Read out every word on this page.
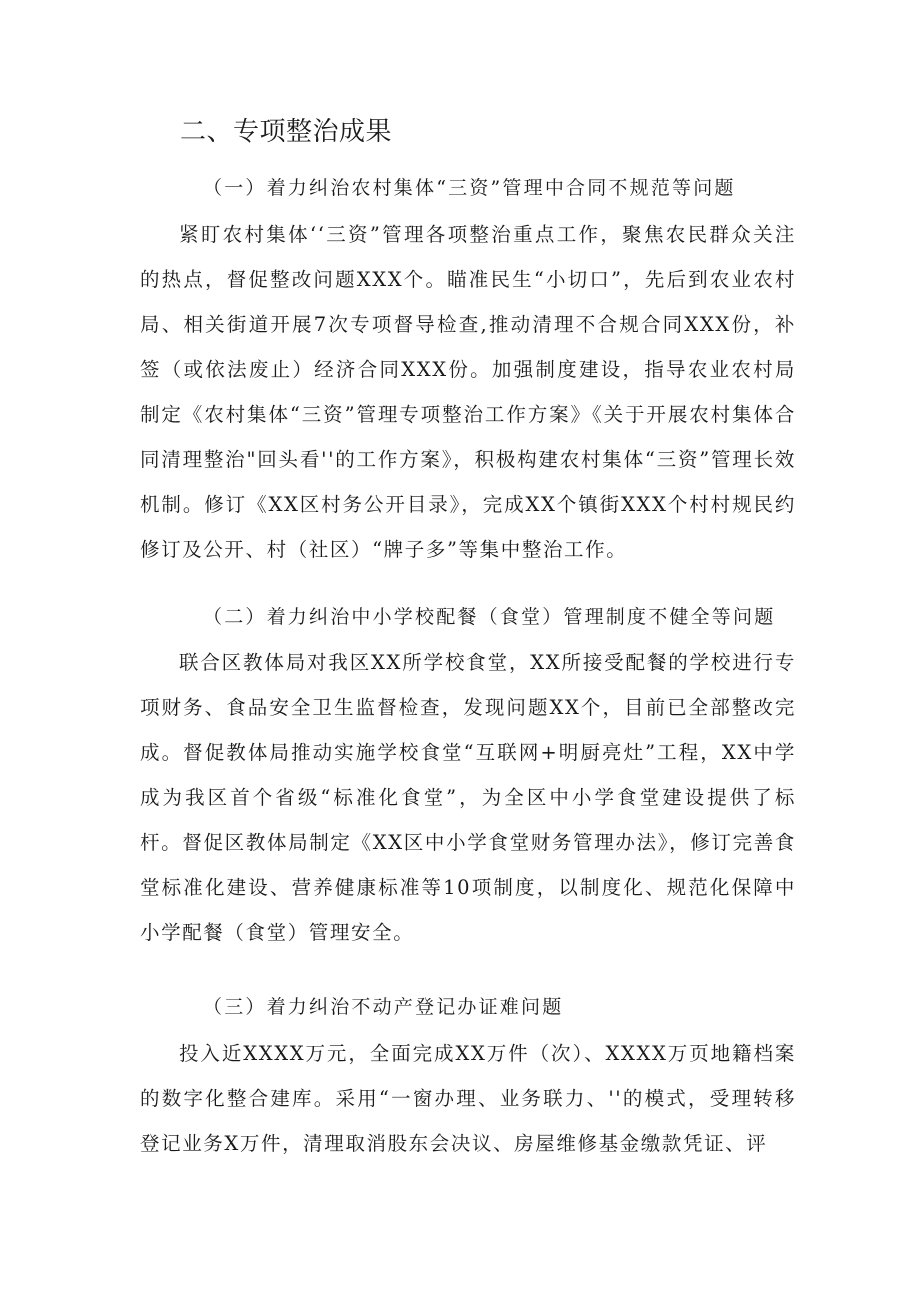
二、专项整治成果
（一）着力纠治农村集体“三资”管理中合同不规范等问题

紧盯农村集体‘‘三资”管理各项整治重点工作，聚焦农民群众关注的热点，督促整改问题XXX个。瞄准民生“小切口”，先后到农业农村局、相关街道开展7次专项督导检查,推动清理不合规合同XXX份，补签（或依法废止）经济合同XXX份。加强制度建设，指导农业农村局制定《农村集体“三资”管理专项整治工作方案》《关于开展农村集体合同清理整治"回头看''的工作方案》，积极构建农村集体“三资”管理长效机制。修订《XX区村务公开目录》，完成XX个镇街XXX个村村规民约修订及公开、村（社区）“牌子多”等集中整治工作。

（二）着力纠治中小学校配餐（食堂）管理制度不健全等问题

联合区教体局对我区XX所学校食堂，XX所接受配餐的学校进行专项财务、食品安全卫生监督检查，发现问题XX个，目前已全部整改完成。督促教体局推动实施学校食堂“互联网+明厨亮灶”工程，XX中学成为我区首个省级“标准化食堂”，为全区中小学食堂建设提供了标杆。督促区教体局制定《XX区中小学食堂财务管理办法》，修订完善食堂标准化建设、营养健康标准等10项制度，以制度化、规范化保障中小学配餐（食堂）管理安全。

（三）着力纠治不动产登记办证难问题

投入近XXXX万元，全面完成XX万件（次）、XXXX万页地籍档案的数字化整合建库。采用“一窗办理、业务联力、''的模式，受理转移登记业务X万件，清理取消股东会决议、房屋维修基金缴款凭证、评
